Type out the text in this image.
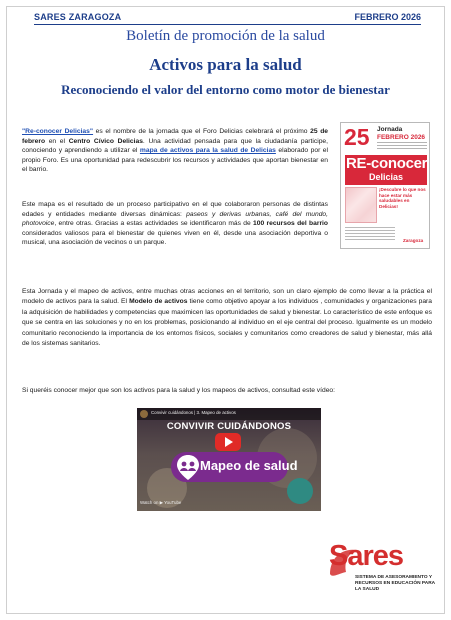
SARES ZARAGOZA	FEBRERO 2026
Boletín de promoción de la salud
Activos para la salud
Reconociendo el valor del entorno como motor de bienestar
"Re-conocer Delicias" es el nombre de la jornada que el Foro Delicias celebrará el próximo 25 de febrero en el Centro Cívico Delicias. Una actividad pensada para que la ciudadanía participe, conociendo y aprendiendo a utilizar el mapa de activos para la salud de Delicias elaborado por el propio Foro. Es una oportunidad para redescubrir los recursos y actividades que aportan bienestar en el barrio.
Este mapa es el resultado de un proceso participativo en el que colaboraron personas de distintas edades y entidades mediante diversas dinámicas: paseos y derivas urbanas, café del mundo, photovoice, entre otras. Gracias a estas actividades se identificaron más de 100 recursos del barrio considerados valiosos para el bienestar de quienes viven en él, desde una asociación deportiva o musical, una asociación de vecinos o un parque.
25 Jornada
FEBRERO 2026
RE-conocer
Delicias
¡Descubre lo que nos hace estar más saludables en Delicias!
Zaragoza
Esta Jornada y el mapeo de activos, entre muchas otras acciones en el territorio, son un claro ejemplo de como llevar a la práctica el modelo de activos para la salud. El Modelo de activos tiene como objetivo apoyar a los individuos , comunidades y organizaciones para la adquisición de habilidades y competencias que maximicen las oportunidades de salud y bienestar. Lo característico de este enfoque es que se centra en las soluciones y no en los problemas, posicionando al individuo en el eje central del proceso. Igualmente es un modelo comunitario reconociendo la importancia de los entornos físicos, sociales y comunitarios como creadores de salud y bienestar, más allá de los sistemas sanitarios.
Si queréis conocer mejor que son los activos para la salud y los mapeos de activos, consultad este vídeo:
Convivir cuidándonos | 3. Mapeo de activos
CONVIVIR CUIDÁNDONOS
Mapeo de salud
Watch on ▶ YouTube
Sares
SISTEMA DE ASESORAMIENTO Y RECURSOS EN EDUCACIÓN PARA LA SALUD
